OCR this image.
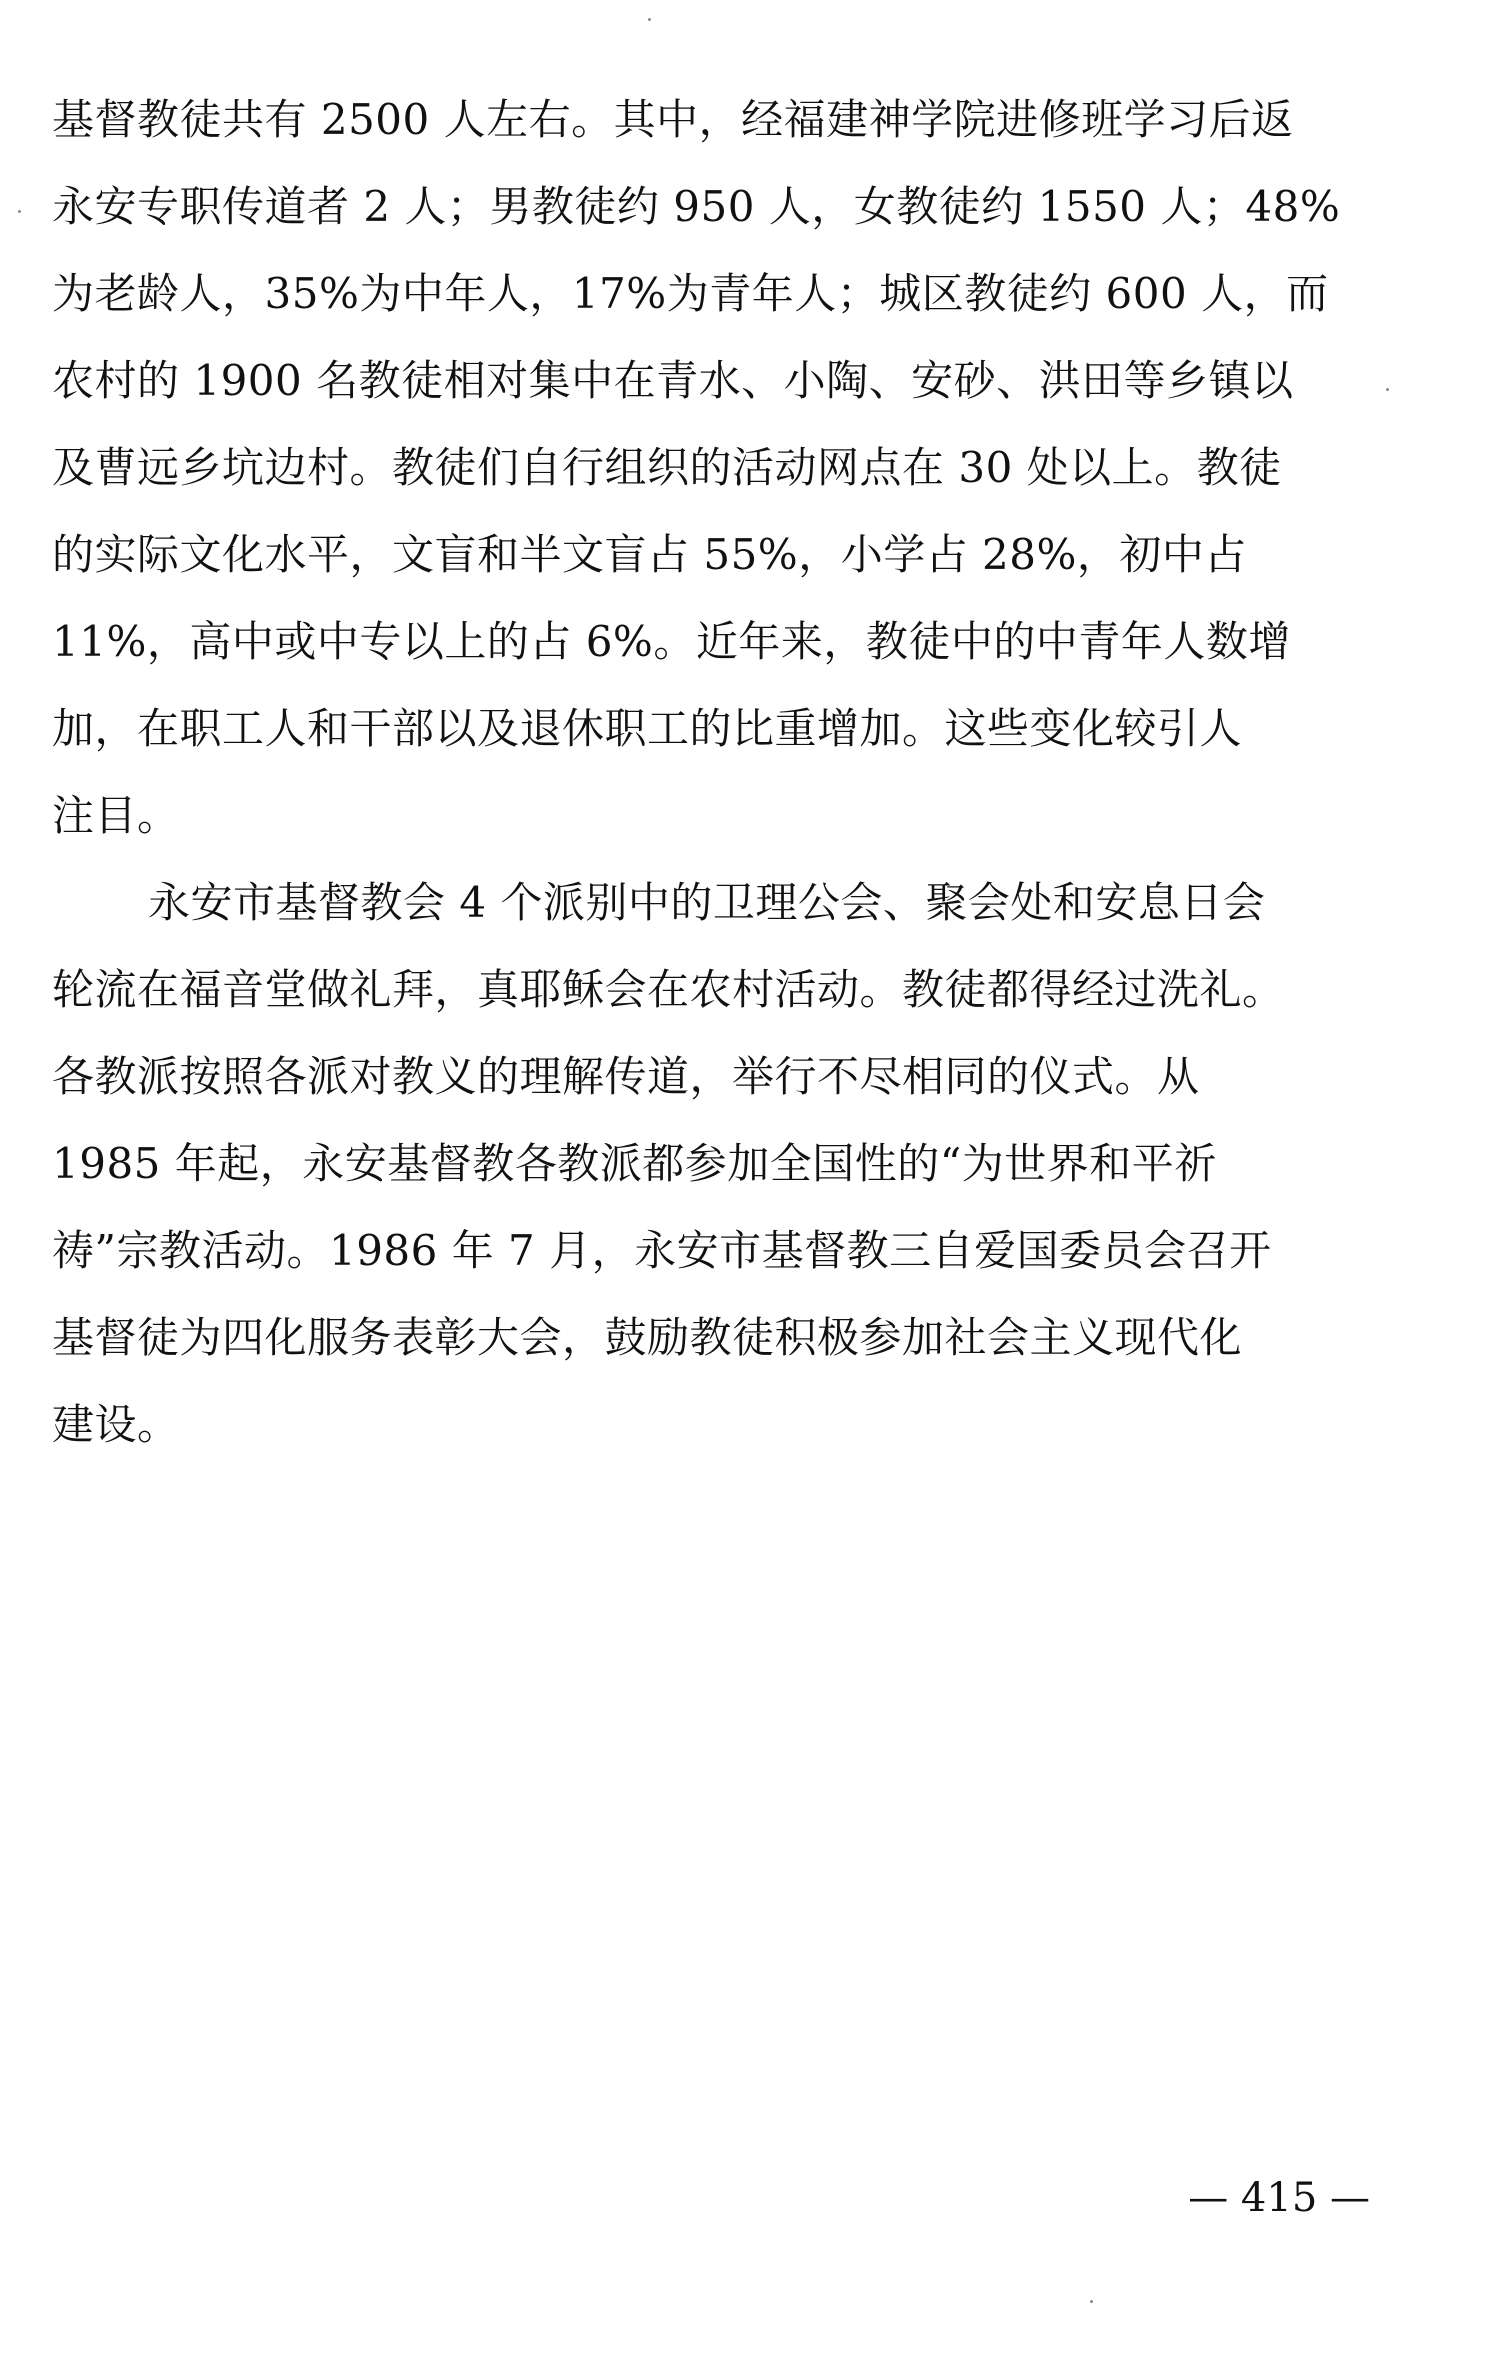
基督教徒共有 2500 人左右。其中，经福建神学院进修班学习后返
永安专职传道者 2 人；男教徒约 950 人，女教徒约 1550 人；48%
为老龄人，35%为中年人，17%为青年人；城区教徒约 600 人，而
农村的 1900 名教徒相对集中在青水、小陶、安砂、洪田等乡镇以
及曹远乡坑边村。教徒们自行组织的活动网点在 30 处以上。教徒
的实际文化水平，文盲和半文盲占 55%，小学占 28%，初中占
11%，高中或中专以上的占 6%。近年来，教徒中的中青年人数增
加，在职工人和干部以及退休职工的比重增加。这些变化较引人
注目。
永安市基督教会 4 个派别中的卫理公会、聚会处和安息日会
轮流在福音堂做礼拜，真耶稣会在农村活动。教徒都得经过洗礼。
各教派按照各派对教义的理解传道，举行不尽相同的仪式。从
1985 年起，永安基督教各教派都参加全国性的“为世界和平祈
祷”宗教活动。1986 年 7 月，永安市基督教三自爱国委员会召开
基督徒为四化服务表彰大会，鼓励教徒积极参加社会主义现代化
建设。
— 415 —
